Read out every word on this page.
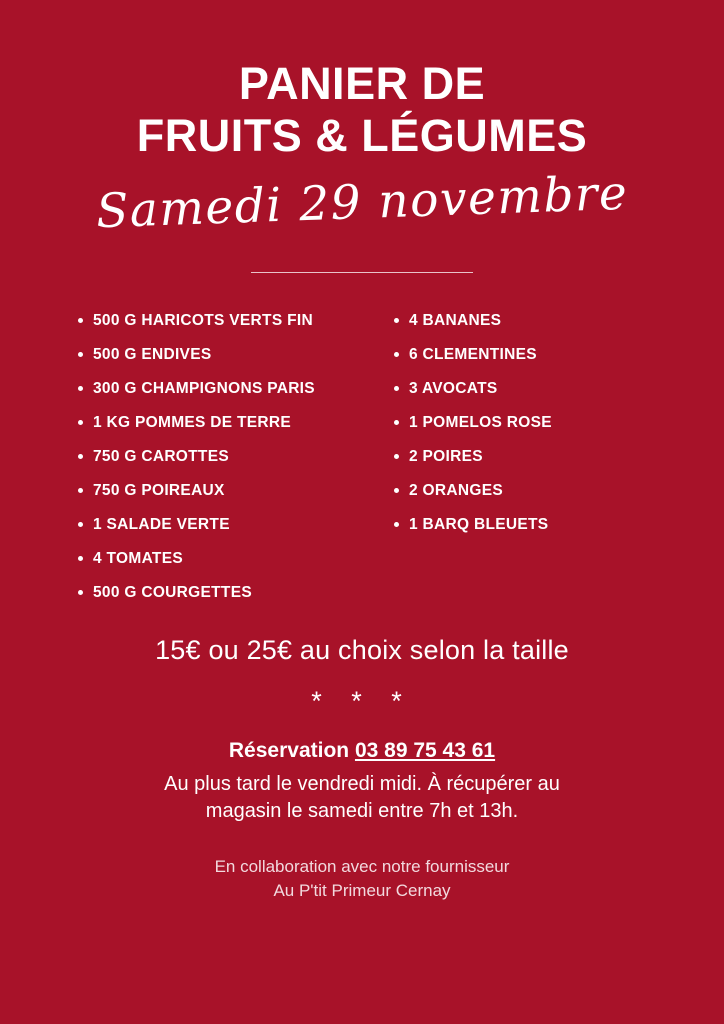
PANIER DE
FRUITS & LÉGUMES
Samedi 29 novembre
500 G HARICOTS VERTS FIN
500 G ENDIVES
300 G CHAMPIGNONS PARIS
1 KG POMMES DE TERRE
750 G CAROTTES
750 G POIREAUX
1 SALADE VERTE
4 TOMATES
500 G COURGETTES
4 BANANES
6 CLEMENTINES
3 AVOCATS
1 POMELOS ROSE
2 POIRES
2 ORANGES
1 BARQ BLEUETS
15€ ou 25€ au choix selon la taille
* * *
Réservation 03 89 75 43 61
Au plus tard le vendredi midi. À récupérer au
magasin le samedi entre 7h et 13h.
En collaboration avec notre fournisseur
Au P'tit Primeur Cernay
